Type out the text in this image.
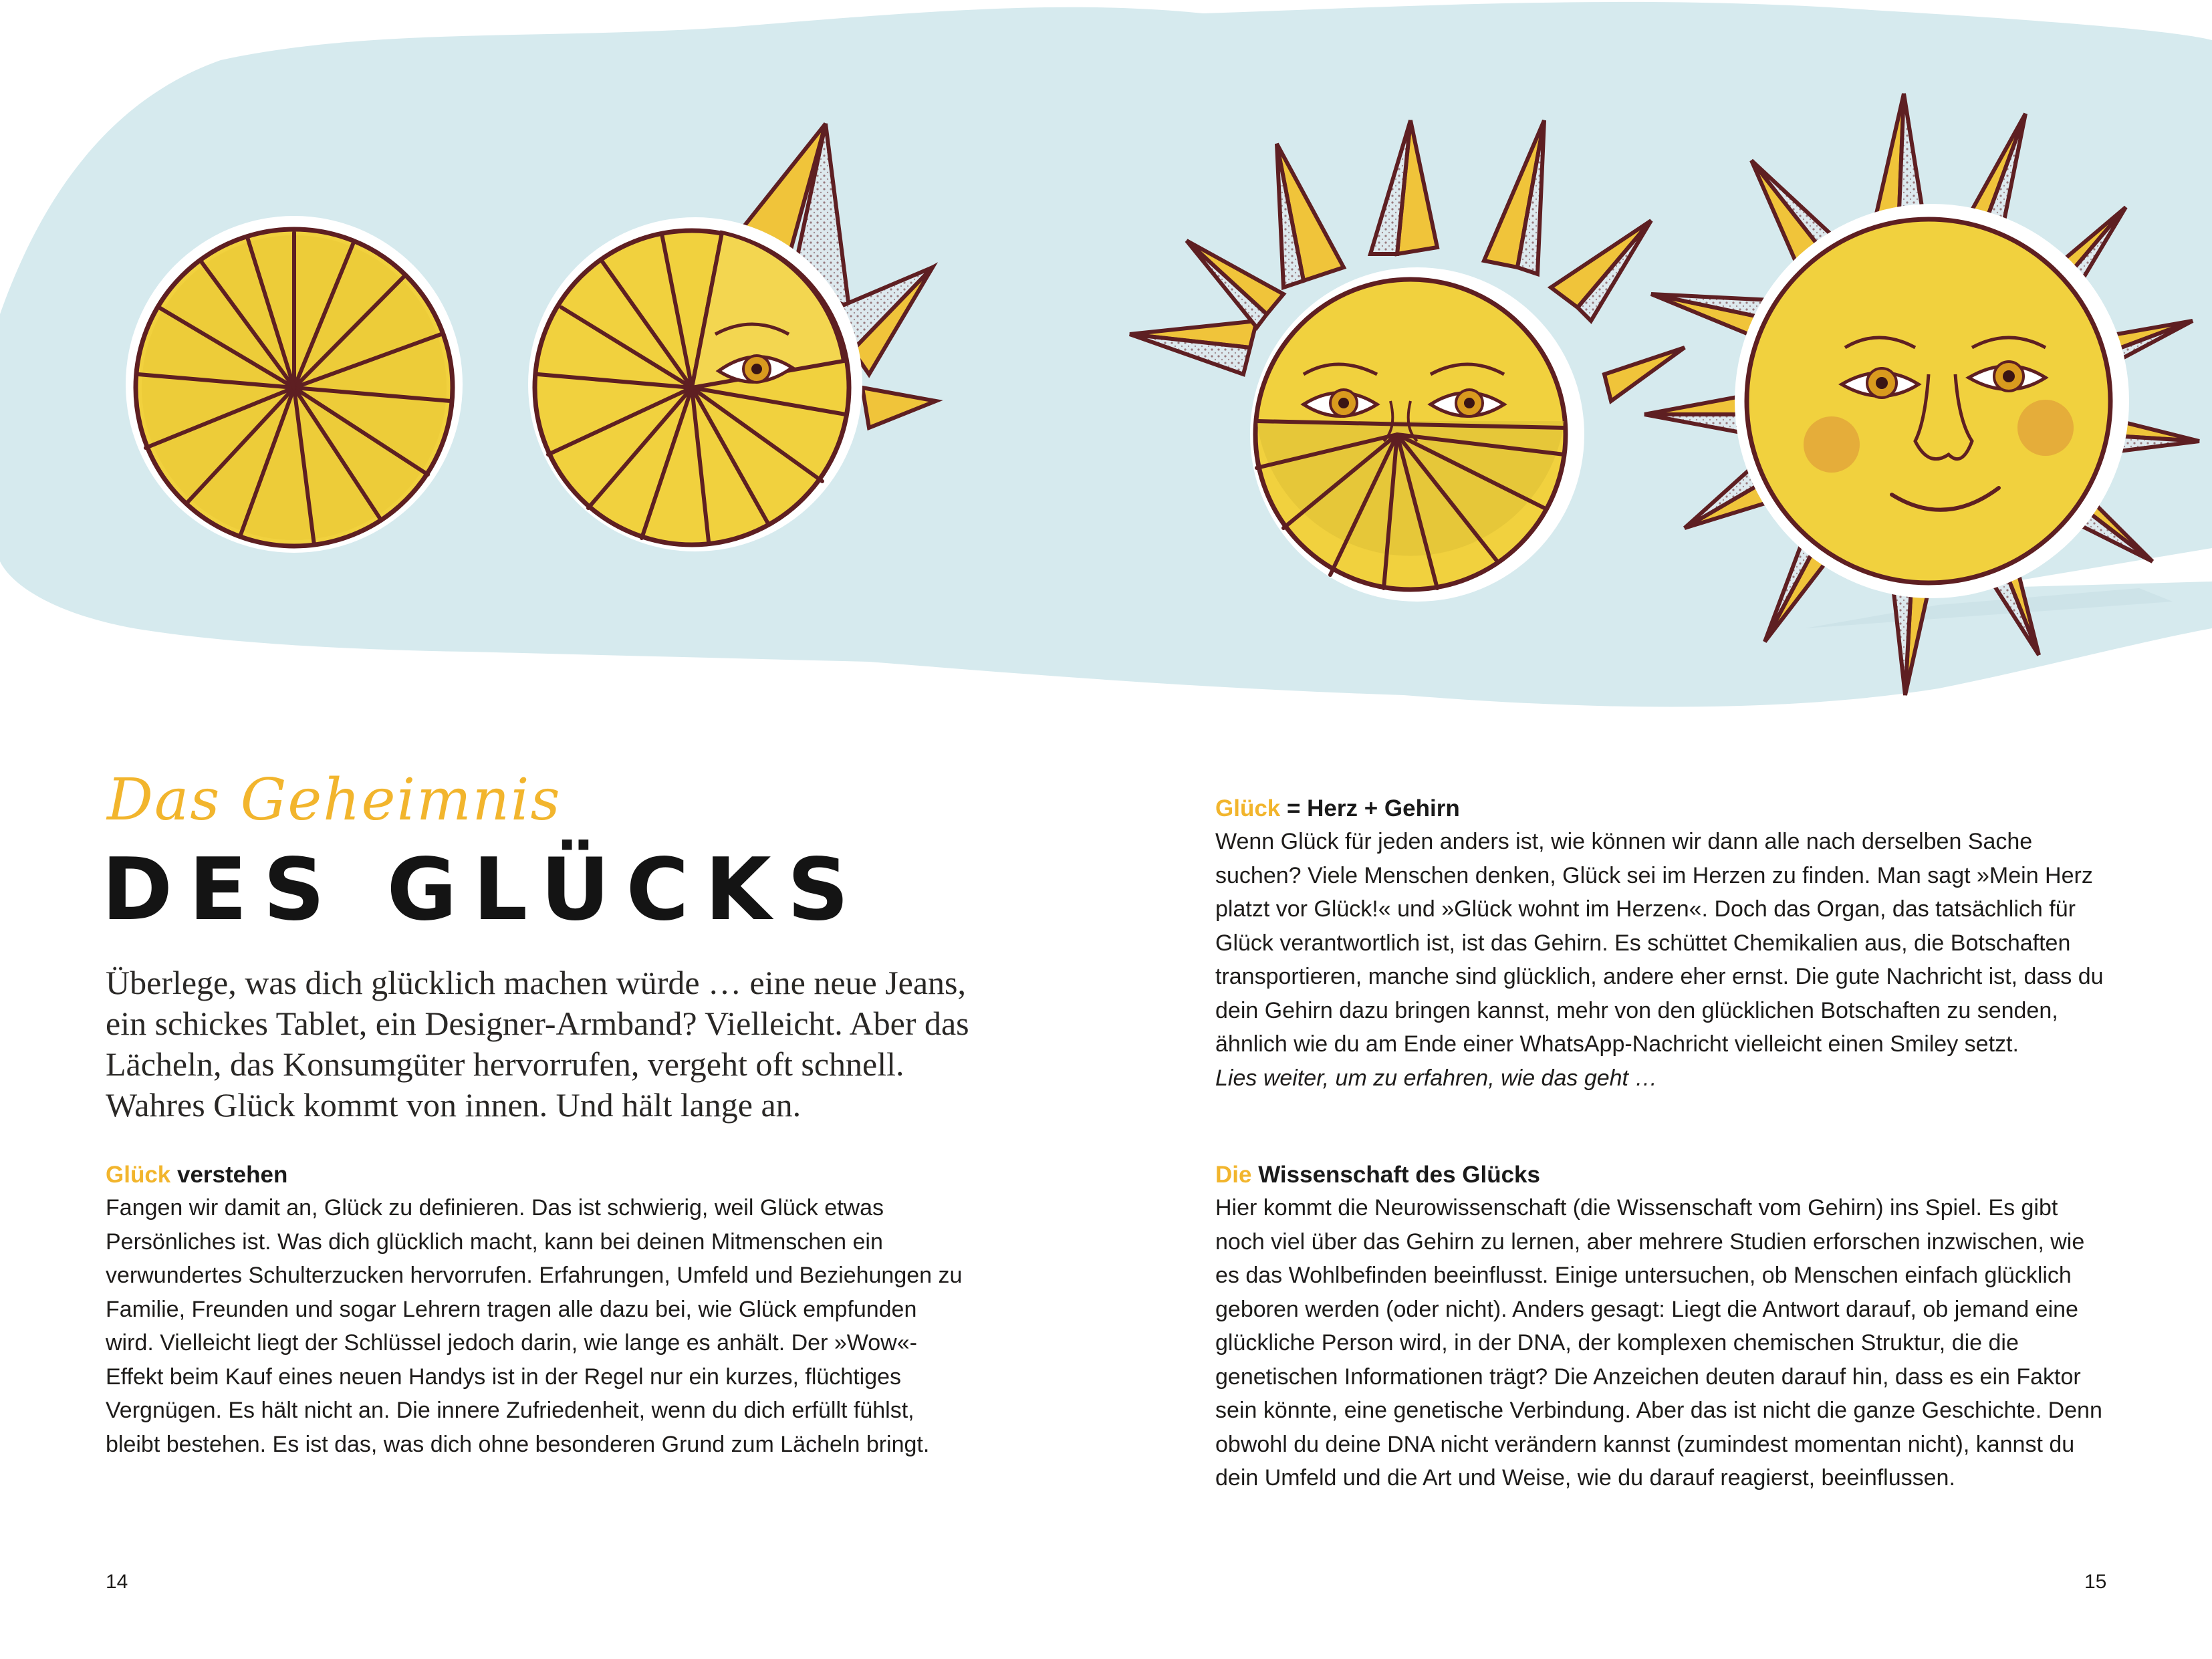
Das Geheimnis
DES GLÜCKS
Überlege, was dich glücklich machen würde … eine neue Jeans, ein schickes Tablet, ein Designer-Armband? Vielleicht. Aber das Lächeln, das Konsumgüter hervorrufen, vergeht oft schnell. Wahres Glück kommt von innen. Und hält lange an.
Glück verstehen
Fangen wir damit an, Glück zu definieren. Das ist schwierig, weil Glück etwas Persönliches ist. Was dich glücklich macht, kann bei deinen Mitmenschen ein verwundertes Schulterzucken hervorrufen. Erfahrungen, Umfeld und Beziehungen zu Familie, Freunden und sogar Lehrern tragen alle dazu bei, wie Glück empfunden wird. Vielleicht liegt der Schlüssel jedoch darin, wie lange es anhält. Der »Wow«-Effekt beim Kauf eines neuen Handys ist in der Regel nur ein kurzes, flüchtiges Vergnügen. Es hält nicht an. Die innere Zufriedenheit, wenn du dich erfüllt fühlst, bleibt bestehen. Es ist das, was dich ohne besonderen Grund zum Lächeln bringt.
14
Glück = Herz + Gehirn
Wenn Glück für jeden anders ist, wie können wir dann alle nach derselben Sache suchen? Viele Menschen denken, Glück sei im Herzen zu finden. Man sagt »Mein Herz platzt vor Glück!« und »Glück wohnt im Herzen«. Doch das Organ, das tatsächlich für Glück verantwortlich ist, ist das Gehirn. Es schüttet Chemikalien aus, die Botschaften transportieren, manche sind glücklich, andere eher ernst. Die gute Nachricht ist, dass du dein Gehirn dazu bringen kannst, mehr von den glücklichen Botschaften zu senden, ähnlich wie du am Ende einer WhatsApp-Nachricht vielleicht einen Smiley setzt.
Lies weiter, um zu erfahren, wie das geht …
Die Wissenschaft des Glücks
Hier kommt die Neurowissenschaft (die Wissenschaft vom Gehirn) ins Spiel. Es gibt noch viel über das Gehirn zu lernen, aber mehrere Studien erforschen inzwischen, wie es das Wohlbefinden beeinflusst. Einige untersuchen, ob Menschen einfach glücklich geboren werden (oder nicht). Anders gesagt: Liegt die Antwort darauf, ob jemand eine glückliche Person wird, in der DNA, der komplexen chemischen Struktur, die die genetischen Informationen trägt? Die Anzeichen deuten darauf hin, dass es ein Faktor sein könnte, eine genetische Verbindung. Aber das ist nicht die ganze Geschichte. Denn obwohl du deine DNA nicht verändern kannst (zumindest momentan nicht), kannst du dein Umfeld und die Art und Weise, wie du darauf reagierst, beeinflussen.
15
